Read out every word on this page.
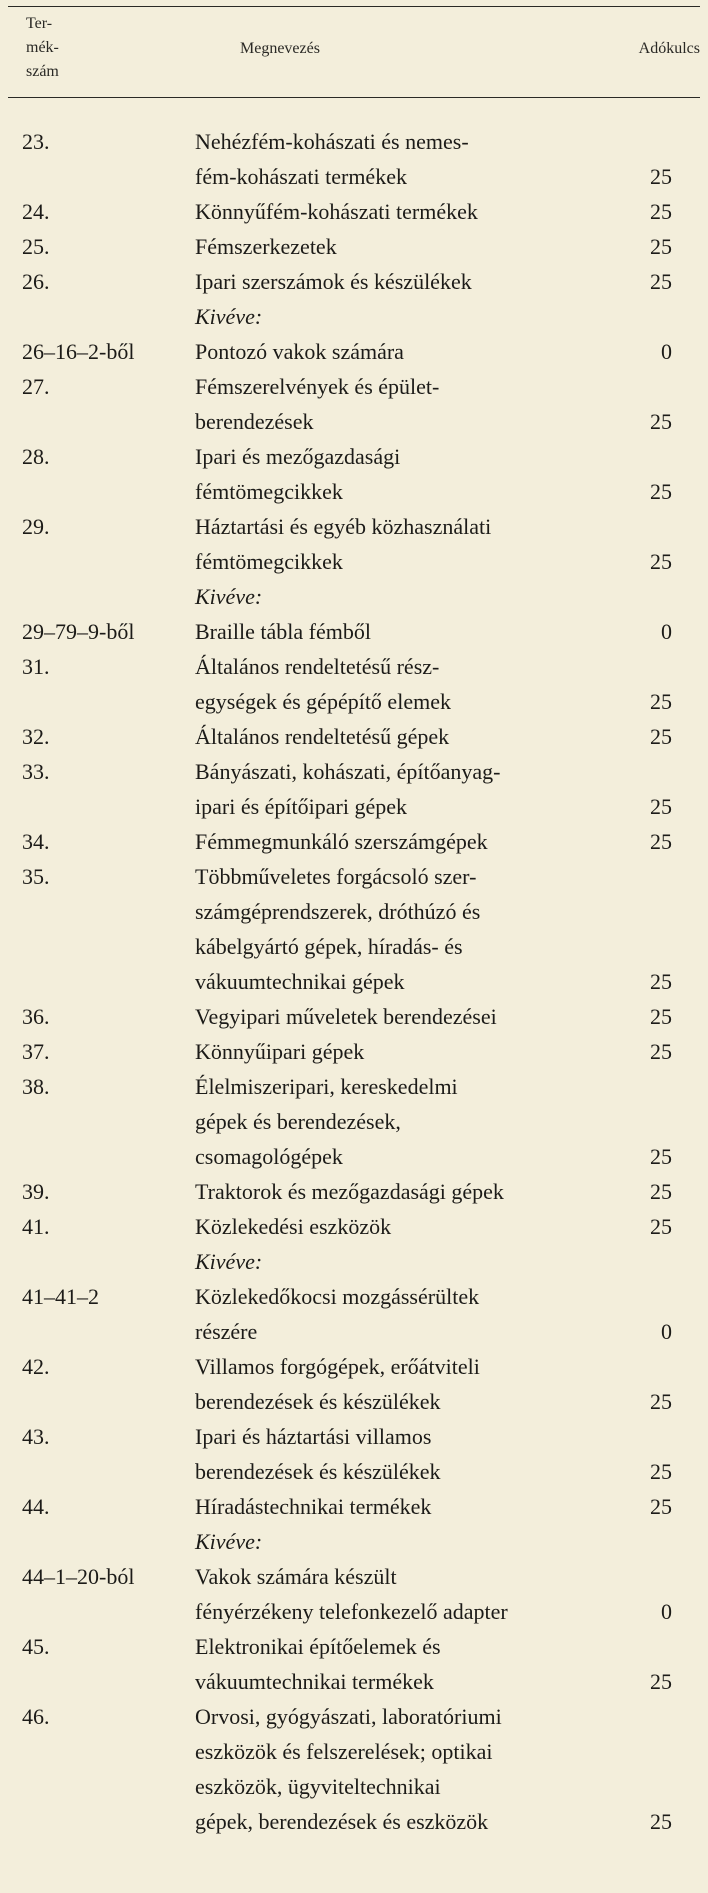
Ter-
mék-
szám
Megnevezés	Adókulcs
23.	Nehézfém-kohászati és nemes-
fém-kohászati termékek	25
24.	Könnyűfém-kohászati termékek	25
25.	Fémszerkezetek	25
26.	Ipari szerszámok és készülékek	25
Kivéve:
26–16–2-ből	Pontozó vakok számára	0
27.	Fémszerelvények és épület-
berendezések	25
28.	Ipari és mezőgazdasági
fémtömegcikkek	25
29.	Háztartási és egyéb közhasználati
fémtömegcikkek	25
Kivéve:
29–79–9-ből	Braille tábla fémből	0
31.	Általános rendeltetésű rész-
egységek és gépépítő elemek	25
32.	Általános rendeltetésű gépek	25
33.	Bányászati, kohászati, építőanyag-
ipari és építőipari gépek	25
34.	Fémmegmunkáló szerszámgépek	25
35.	Többműveletes forgácsoló szer-
számgéprendszerek, dróthúzó és
kábelgyártó gépek, híradás- és
vákuumtechnikai gépek	25
36.	Vegyipari műveletek berendezései	25
37.	Könnyűipari gépek	25
38.	Élelmiszeripari, kereskedelmi
gépek és berendezések,
csomagológépek	25
39.	Traktorok és mezőgazdasági gépek	25
41.	Közlekedési eszközök	25
Kivéve:
41–41–2	Közlekedőkocsi mozgássérültek
részére	0
42.	Villamos forgógépek, erőátviteli
berendezések és készülékek	25
43.	Ipari és háztartási villamos
berendezések és készülékek	25
44.	Híradástechnikai termékek	25
Kivéve:
44–1–20-ból	Vakok számára készült
fényérzékeny telefonkezelő adapter	0
45.	Elektronikai építőelemek és
vákuumtechnikai termékek	25
46.	Orvosi, gyógyászati, laboratóriumi
eszközök és felszerelések; optikai
eszközök, ügyviteltechnikai
gépek, berendezések és eszközök	25
